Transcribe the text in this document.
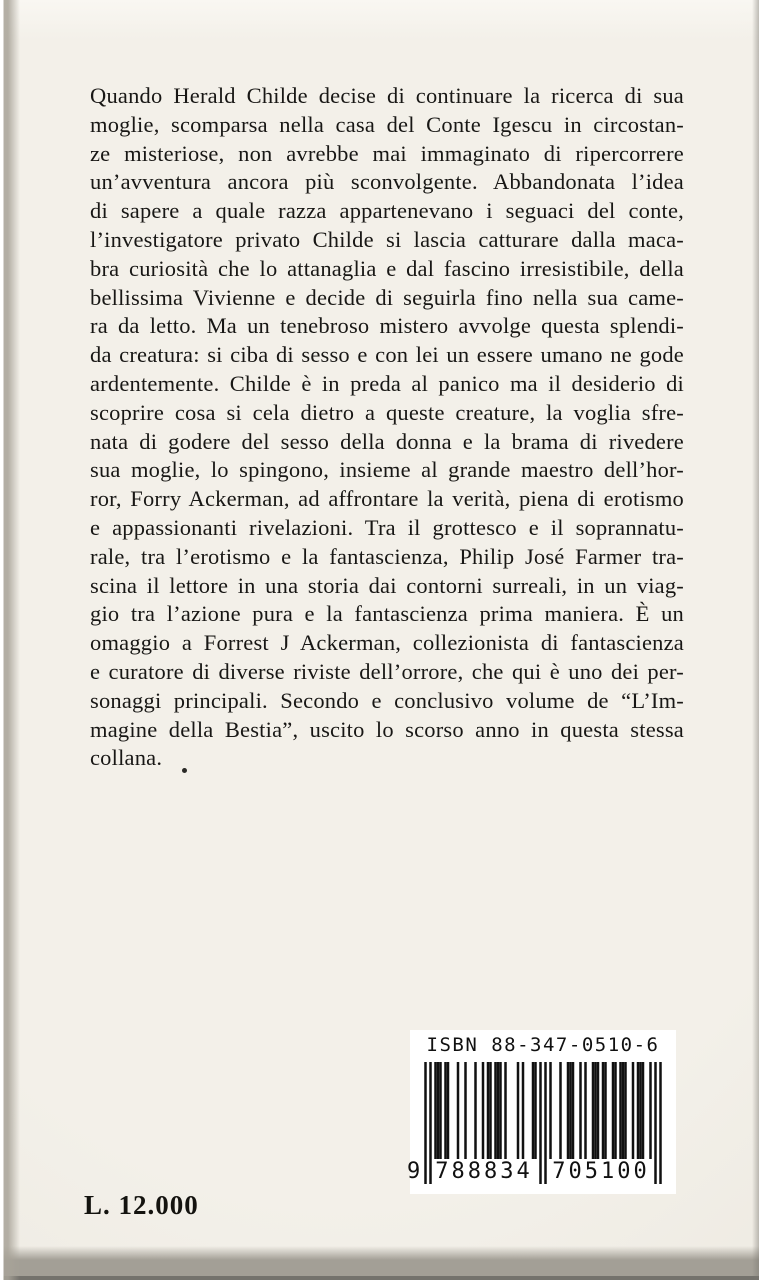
Quando Herald Childe decise di continuare la ricerca di sua
moglie, scomparsa nella casa del Conte Igescu in circostan-
ze misteriose, non avrebbe mai immaginato di ripercorrere
un’avventura ancora più sconvolgente. Abbandonata l’idea
di sapere a quale razza appartenevano i seguaci del conte,
l’investigatore privato Childe si lascia catturare dalla maca-
bra curiosità che lo attanaglia e dal fascino irresistibile, della
bellissima Vivienne e decide di seguirla fino nella sua came-
ra da letto. Ma un tenebroso mistero avvolge questa splendi-
da creatura: si ciba di sesso e con lei un essere umano ne gode
ardentemente. Childe è in preda al panico ma il desiderio di
scoprire cosa si cela dietro a queste creature, la voglia sfre-
nata di godere del sesso della donna e la brama di rivedere
sua moglie, lo spingono, insieme al grande maestro dell’hor-
ror, Forry Ackerman, ad affrontare la verità, piena di erotismo
e appassionanti rivelazioni. Tra il grottesco e il soprannatu-
rale, tra l’erotismo e la fantascienza, Philip José Farmer tra-
scina il lettore in una storia dai contorni surreali, in un viag-
gio tra l’azione pura e la fantascienza prima maniera. È un
omaggio a Forrest J Ackerman, collezionista di fantascienza
e curatore di diverse riviste dell’orrore, che qui è uno dei per-
sonaggi principali. Secondo e conclusivo volume de “L’Im-
magine della Bestia”, uscito lo scorso anno in questa stessa
collana.
ISBN 88-347-0510-6
9 788834 705100
L. 12.000
